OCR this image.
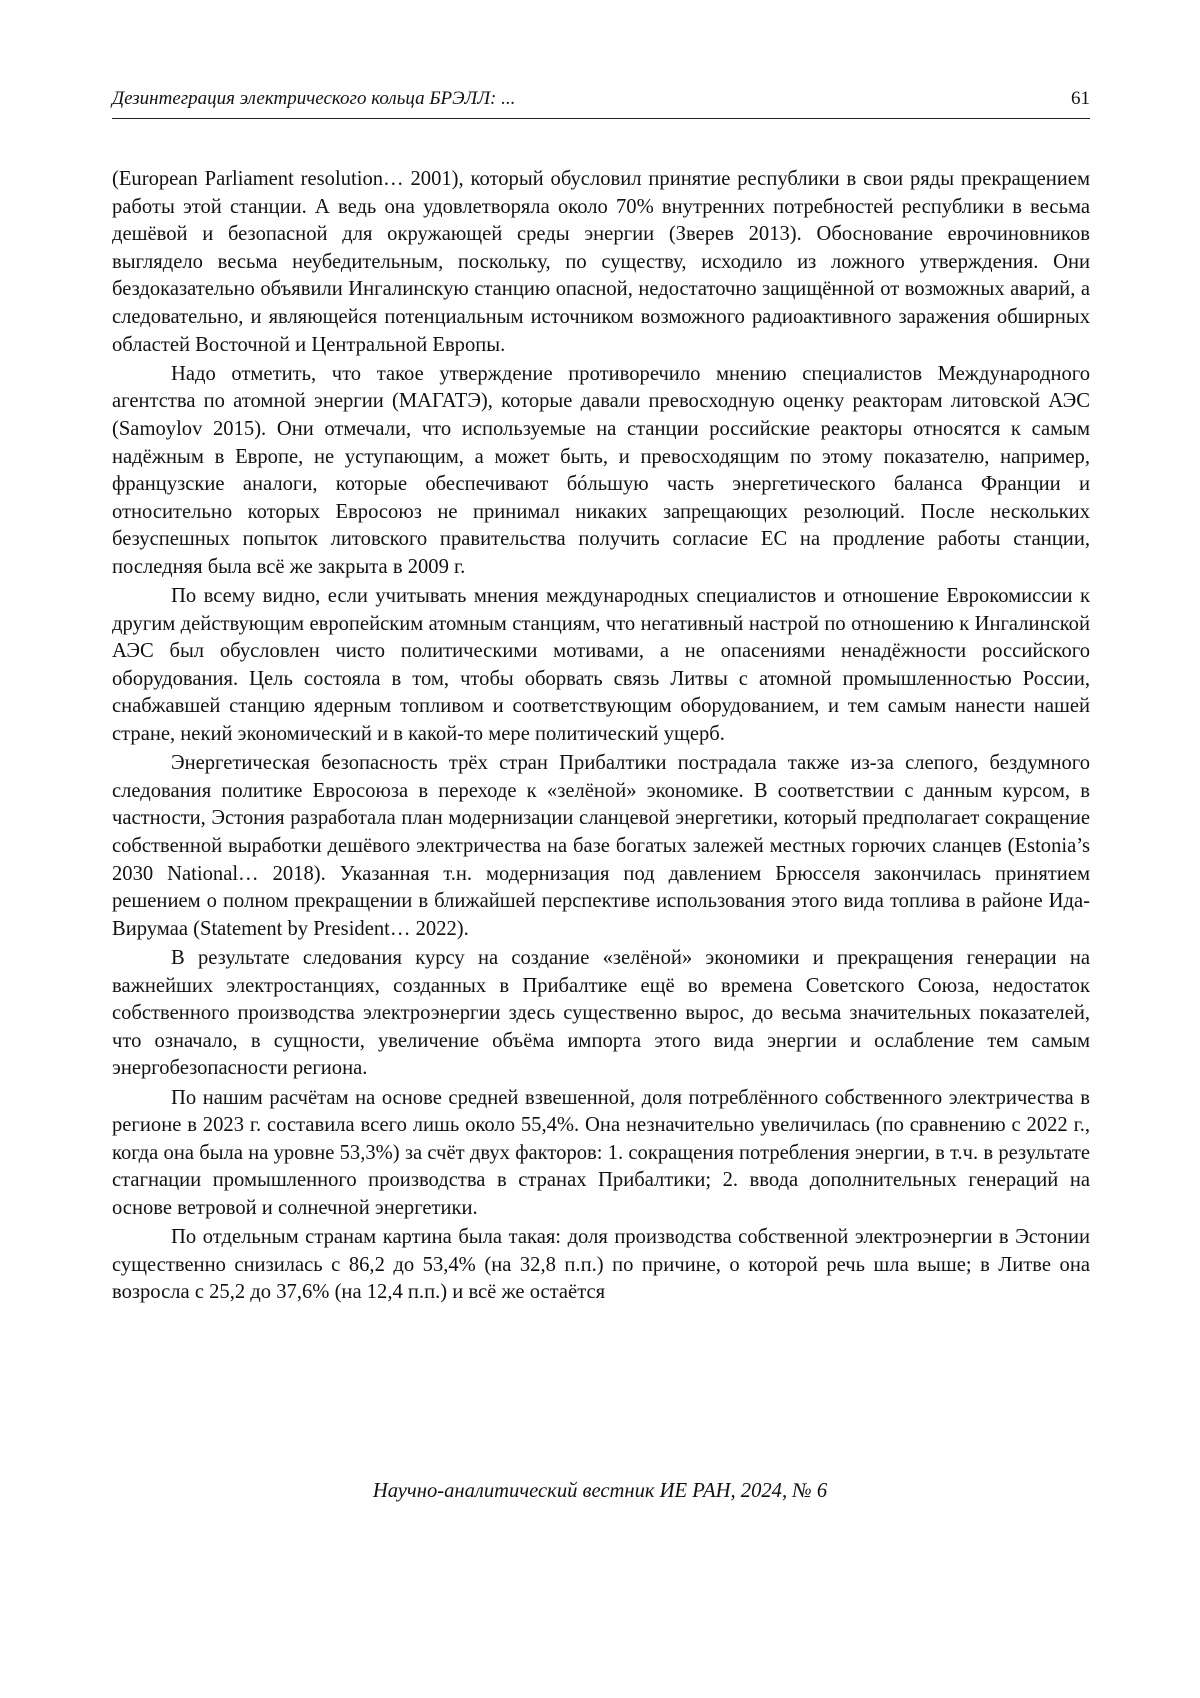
Дезинтеграция электрического кольца БРЭЛЛ: ...	61

(European Parliament resolution… 2001), который обусловил принятие республики в свои ряды прекращением работы этой станции. А ведь она удовлетворяла около 70% внутренних потребностей республики в весьма дешёвой и безопасной для окружающей среды энергии (Зверев 2013). Обоснование еврочиновников выглядело весьма неубедительным, поскольку, по существу, исходило из ложного утверждения. Они бездоказательно объявили Ингалинскую станцию опасной, недостаточно защищённой от возможных аварий, а следовательно, и являющейся потенциальным источником возможного радиоактивного заражения обширных областей Восточной и Центральной Европы.

Надо отметить, что такое утверждение противоречило мнению специалистов Международного агентства по атомной энергии (МАГАТЭ), которые давали превосходную оценку реакторам литовской АЭС (Samoylov 2015). Они отмечали, что используемые на станции российские реакторы относятся к самым надёжным в Европе, не уступающим, а может быть, и превосходящим по этому показателю, например, французские аналоги, которые обеспечивают бóльшую часть энергетического баланса Франции и относительно которых Евросоюз не принимал никаких запрещающих резолюций. После нескольких безуспешных попыток литовского правительства получить согласие ЕС на продление работы станции, последняя была всё же закрыта в 2009 г.

По всему видно, если учитывать мнения международных специалистов и отношение Еврокомиссии к другим действующим европейским атомным станциям, что негативный настрой по отношению к Ингалинской АЭС был обусловлен чисто политическими мотивами, а не опасениями ненадёжности российского оборудования. Цель состояла в том, чтобы оборвать связь Литвы с атомной промышленностью России, снабжавшей станцию ядерным топливом и соответствующим оборудованием, и тем самым нанести нашей стране, некий экономический и в какой-то мере политический ущерб.

Энергетическая безопасность трёх стран Прибалтики пострадала также из-за слепого, бездумного следования политике Евросоюза в переходе к «зелёной» экономике. В соответствии с данным курсом, в частности, Эстония разработала план модернизации сланцевой энергетики, который предполагает сокращение собственной выработки дешёвого электричества на базе богатых залежей местных горючих сланцев (Estonia’s 2030 National… 2018). Указанная т.н. модернизация под давлением Брюсселя закончилась принятием решением о полном прекращении в ближайшей перспективе использования этого вида топлива в районе Ида-Вирумаа (Statement by President… 2022).

В результате следования курсу на создание «зелёной» экономики и прекращения генерации на важнейших электростанциях, созданных в Прибалтике ещё во времена Советского Союза, недостаток собственного производства электроэнергии здесь существенно вырос, до весьма значительных показателей, что означало, в сущности, увеличение объёма импорта этого вида энергии и ослабление тем самым энергобезопасности региона.

По нашим расчётам на основе средней взвешенной, доля потреблённого собственного электричества в регионе в 2023 г. составила всего лишь около 55,4%. Она незначительно увеличилась (по сравнению с 2022 г., когда она была на уровне 53,3%) за счёт двух факторов: 1. сокращения потребления энергии, в т.ч. в результате стагнации промышленного производства в странах Прибалтики; 2. ввода дополнительных генераций на основе ветровой и солнечной энергетики.

По отдельным странам картина была такая: доля производства собственной электроэнергии в Эстонии существенно снизилась с 86,2 до 53,4% (на 32,8 п.п.) по причине, о которой речь шла выше; в Литве она возросла с 25,2 до 37,6% (на 12,4 п.п.) и всё же остаётся

Научно-аналитический вестник ИЕ РАН, 2024, № 6
